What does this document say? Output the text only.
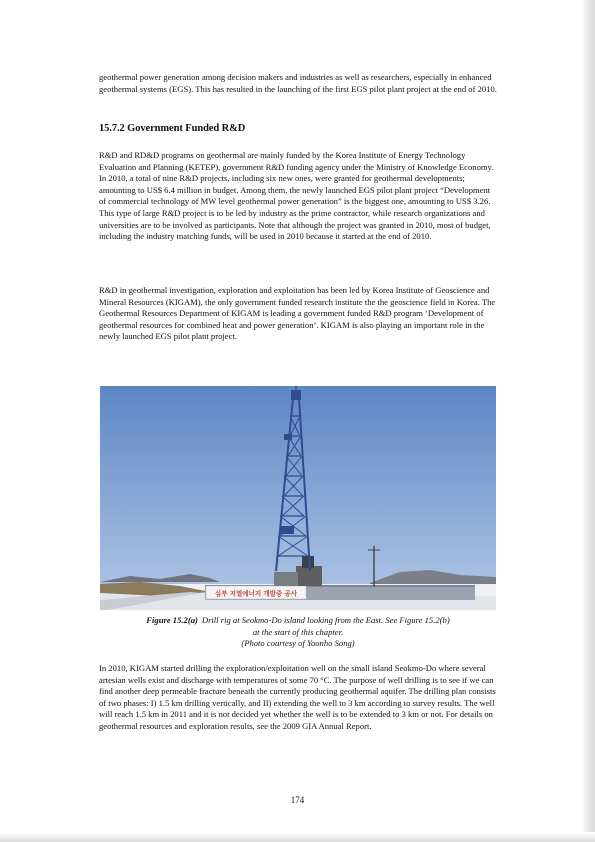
geothermal power generation among decision makers and industries as well as researchers, especially in enhanced geothermal systems (EGS). This has resulted in the launching of the first EGS pilot plant project at the end of 2010.

15.7.2 Government Funded R&D

R&D and RD&D programs on geothermal are mainly funded by the Korea Institute of Energy Technology Evaluation and Planning (KETEP), government R&D funding agency under the Ministry of Knowledge Economy. In 2010, a total of nine R&D projects, including six new ones, were granted for geothermal developments; amounting to US$ 6.4 million in budget. Among them, the newly launched EGS pilot plant project “Development of commercial technology of MW level geothermal power generation” is the biggest one, amounting to US$ 3.26. This type of large R&D project is to be led by industry as the prime contractor, while research organizations and universities are to be involved as participants. Note that although the project was granted in 2010, most of budget, including the industry matching funds, will be used in 2010 because it started at the end of 2010.

R&D in geothermal investigation, exploration and exploitation has been led by Korea Institute of Geoscience and Mineral Resources (KIGAM), the only government funded research institute the the geoscience field in Korea. The Geothermal Resources Department of KIGAM is leading a government funded R&D program ‘Development of geothermal resources for combined heat and power generation’. KIGAM is also playing an important role in the newly launched EGS pilot plant project.

심부 지열에너지 개발중 공사
Figure 15.2(a) Drill rig at Seokmo-Do island looking from the East. See Figure 15.2(b)
at the start of this chapter.
(Photo courtesy of Yoonho Song)

In 2010, KIGAM started drilling the exploration/exploitation well on the small island Seokmo-Do where several artesian wells exist and discharge with temperatures of some 70 °C. The purpose of well drilling is to see if we can find another deep permeable fracture beneath the currently producing geothermal aquifer. The drilling plan consists of two phases: I) 1.5 km drilling vertically, and II) extending the well to 3 km according to survey results. The well will reach 1.5 km in 2011 and it is not decided yet whether the well is to be extended to 3 km or not. For details on geothermal resources and exploration results, see the 2009 GIA Annual Report.

174
